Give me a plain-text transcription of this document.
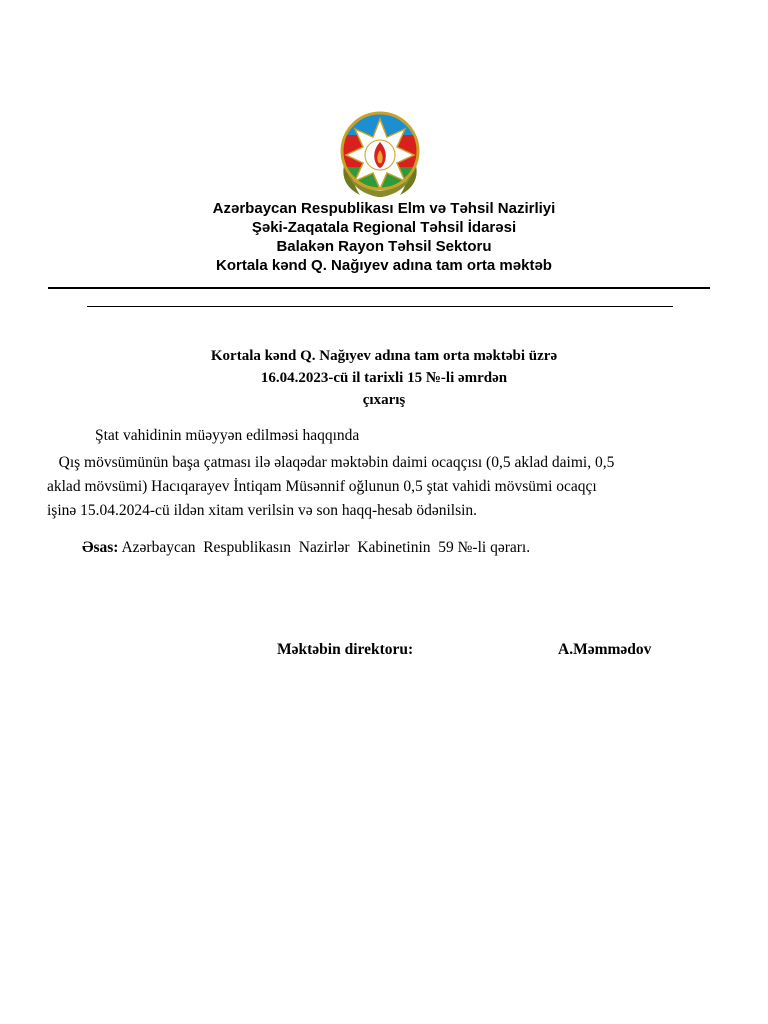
Azərbaycan Respublikası Elm və Təhsil Nazirliyi
Şəki-Zaqatala Regional Təhsil İdarəsi
Balakən Rayon Təhsil Sektoru
Kortala kənd Q. Nağıyev adına tam orta məktəb
Kortala kənd Q. Nağıyev adına tam orta məktəbi üzrə
16.04.2023-cü il tarixli 15 №-li əmrdən
çıxarış
Ştat vahidinin müəyyən edilməsi haqqında
Qış mövsümünün başa çatması ilə əlaqədar məktəbin daimi ocaqçısı (0,5 aklad daimi, 0,5
aklad mövsümi) Hacıqarayev İntiqam Müsənnif oğlunun 0,5 ştat vahidi mövsümi ocaqçı
işinə 15.04.2024-cü ildən xitam verilsin və son haqq-hesab ödənilsin.
Əsas: Azərbaycan  Respublikasın  Nazirlər  Kabinetinin  59 №-li qərarı.
Məktəbin direktoru:	A.Məmmədov
